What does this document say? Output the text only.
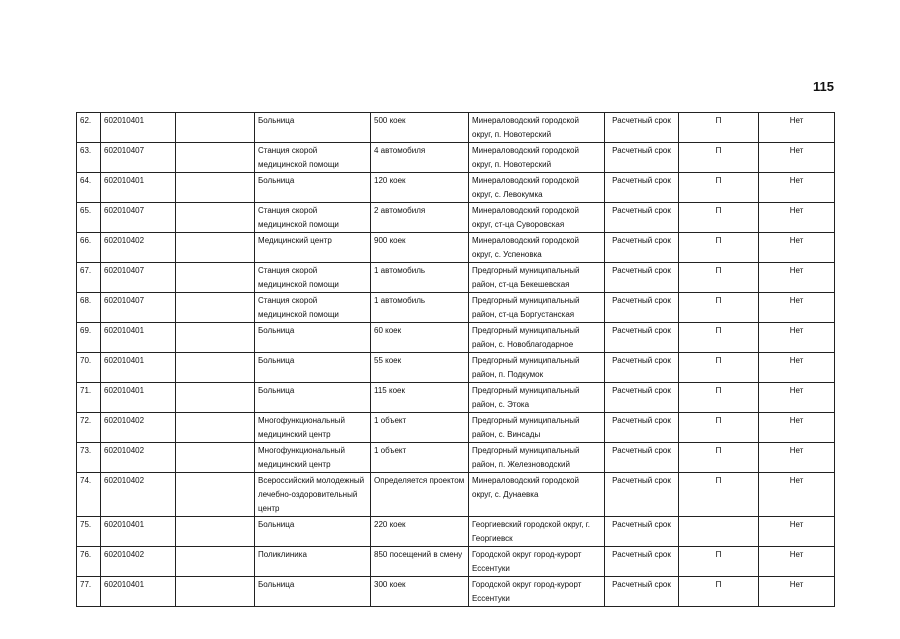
115
62.	602010401		Больница	500 коек	Минераловодский городской округ, п. Новотерский	Расчетный срок	П	Нет
63.	602010407		Станция скорой медицинской помощи	4 автомобиля	Минераловодский городской округ, п. Новотерский	Расчетный срок	П	Нет
64.	602010401		Больница	120 коек	Минераловодский городской округ, с. Левокумка	Расчетный срок	П	Нет
65.	602010407		Станция скорой медицинской помощи	2 автомобиля	Минераловодский городской округ, ст-ца Суворовская	Расчетный срок	П	Нет
66.	602010402		Медицинский центр	900 коек	Минераловодский городской округ, с. Успеновка	Расчетный срок	П	Нет
67.	602010407		Станция скорой медицинской помощи	1 автомобиль	Предгорный муниципальный район, ст-ца Бекешевская	Расчетный срок	П	Нет
68.	602010407		Станция скорой медицинской помощи	1 автомобиль	Предгорный муниципальный район, ст-ца Боргустанская	Расчетный срок	П	Нет
69.	602010401		Больница	60 коек	Предгорный муниципальный район, с. Новоблагодарное	Расчетный срок	П	Нет
70.	602010401		Больница	55 коек	Предгорный муниципальный район, п. Подкумок	Расчетный срок	П	Нет
71.	602010401		Больница	115 коек	Предгорный муниципальный район, с. Этока	Расчетный срок	П	Нет
72.	602010402		Многофункциональный медицинский центр	1 объект	Предгорный муниципальный район, с. Винсады	Расчетный срок	П	Нет
73.	602010402		Многофункциональный медицинский центр	1 объект	Предгорный муниципальный район, п. Железноводский	Расчетный срок	П	Нет
74.	602010402		Всероссийский молодежный лечебно-оздоровительный центр	Определяется проектом	Минераловодский городской округ, с. Дунаевка	Расчетный срок	П	Нет
75.	602010401		Больница	220 коек	Георгиевский городской округ, г. Георгиевск	Расчетный срок		Нет
76.	602010402		Поликлиника	850 посещений в смену	Городской округ город-курорт Ессентуки	Расчетный срок	П	Нет
77.	602010401		Больница	300 коек	Городской округ город-курорт Ессентуки	Расчетный срок	П	Нет
